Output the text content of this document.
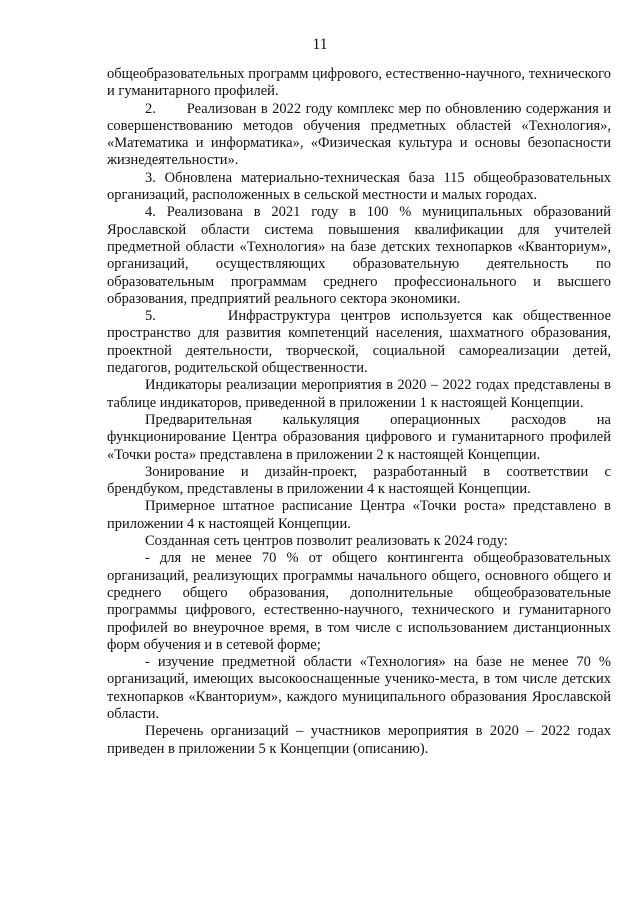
11

общеобразовательных программ цифрового, естественно-научного, технического и гуманитарного профилей.

2.       Реализован в 2022 году комплекс мер по обновлению содержания и совершенствованию методов обучения предметных областей «Технология», «Математика и информатика», «Физическая культура и основы безопасности жизнедеятельности».

3. Обновлена материально-техническая база 115 общеобразовательных организаций, расположенных в сельской местности и малых городах.

4. Реализована в 2021 году в 100 % муниципальных образований Ярославской области система повышения квалификации для учителей предметной области «Технология» на базе детских технопарков «Кванториум», организаций, осуществляющих образовательную деятельность по образовательным программам среднего профессионального и высшего образования, предприятий реального сектора экономики.

5.       Инфраструктура центров используется как общественное пространство для развития компетенций населения, шахматного образования, проектной деятельности, творческой, социальной самореализации детей, педагогов, родительской общественности.

Индикаторы реализации мероприятия в 2020 – 2022 годах представлены в таблице индикаторов, приведенной в приложении 1 к настоящей Концепции.

Предварительная калькуляция операционных расходов на функционирование Центра образования цифрового и гуманитарного профилей «Точки роста» представлена в приложении 2 к настоящей Концепции.

Зонирование и дизайн-проект, разработанный в соответствии с брендбуком, представлены в приложении 4 к настоящей Концепции.

Примерное штатное расписание Центра «Точки роста» представлено в приложении 4 к настоящей Концепции.

Созданная сеть центров позволит реализовать к 2024 году:

- для не менее 70 % от общего контингента общеобразовательных организаций, реализующих программы начального общего, основного общего и среднего общего образования, дополнительные общеобразовательные программы цифрового, естественно-научного, технического и гуманитарного профилей во внеурочное время, в том числе с использованием дистанционных форм обучения и в сетевой форме;

- изучение предметной области «Технология» на базе не менее 70 % организаций, имеющих высокооснащенные ученико-места, в том числе детских технопарков «Кванториум», каждого муниципального образования Ярославской области.

Перечень организаций – участников мероприятия в 2020 – 2022 годах приведен в приложении 5 к Концепции (описанию).
